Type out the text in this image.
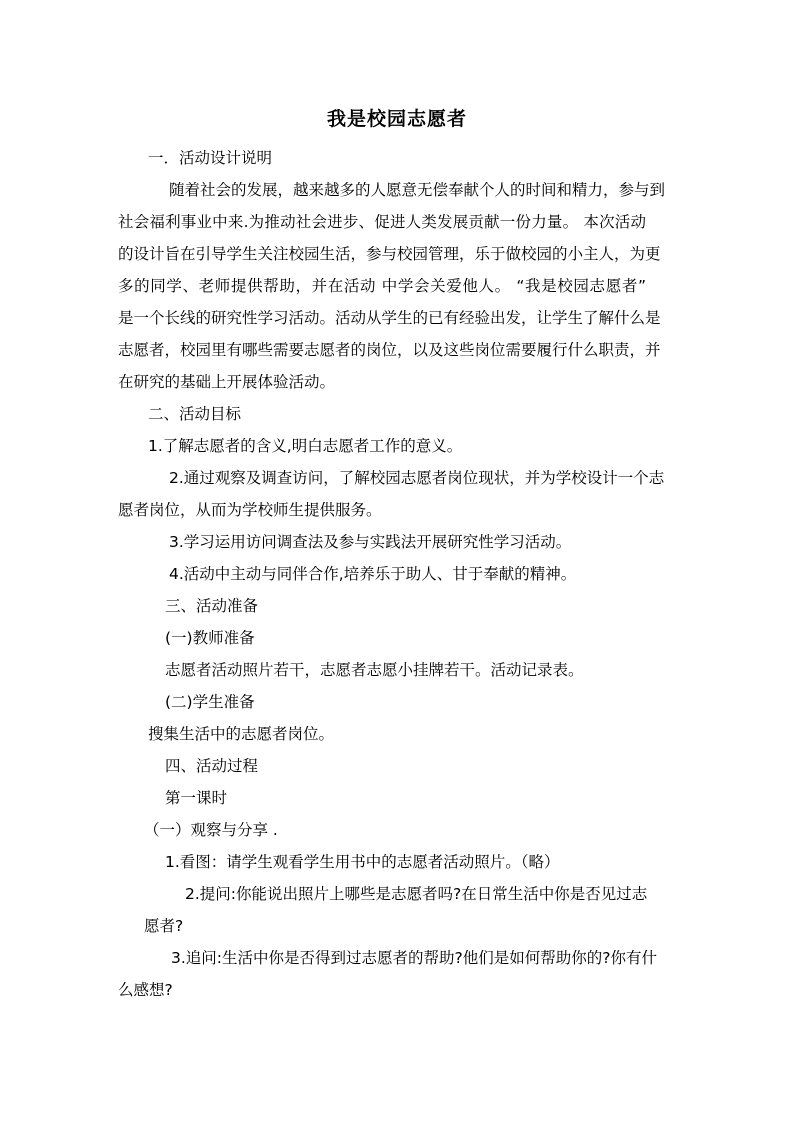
我是校园志愿者
一．活动设计说明
随着社会的发展，越来越多的人愿意无偿奉献个人的时间和精力，参与到
社会福利事业中来.为推动社会进步、促进人类发展贡献一份力量。 本次活动
的设计旨在引导学生关注校园生活，参与校园管理，乐于做校园的小主人，为更
多的同学、老师提供帮助，并在活动 中学会关爱他人。 “我是校园志愿者”
是一个长线的研究性学习活动。活动从学生的已有经验出发，让学生了解什么是
志愿者，校园里有哪些需要志愿者的岗位，以及这些岗位需要履行什么职责，并
在研究的基础上开展体验活动。
二、活动目标
1.了解志愿者的含义,明白志愿者工作的意义。
2.通过观察及调查访问，了解校园志愿者岗位现状，并为学校设计一个志
愿者岗位，从而为学校师生提供服务。
3.学习运用访问调查法及参与实践法开展研究性学习活动。
4.活动中主动与同伴合作,培养乐于助人、甘于奉献的精神。
三、活动准备
(一)教师准备
志愿者活动照片若干，志愿者志愿小挂牌若干。活动记录表。
(二)学生准备
搜集生活中的志愿者岗位。
四、活动过程
第一课时
（一）观察与分享 .
1.看图：请学生观看学生用书中的志愿者活动照片。（略）
2.提问:你能说出照片上哪些是志愿者吗?在日常生活中你是否见过志
愿者?
3.追问:生活中你是否得到过志愿者的帮助?他们是如何帮助你的?你有什
么感想?
